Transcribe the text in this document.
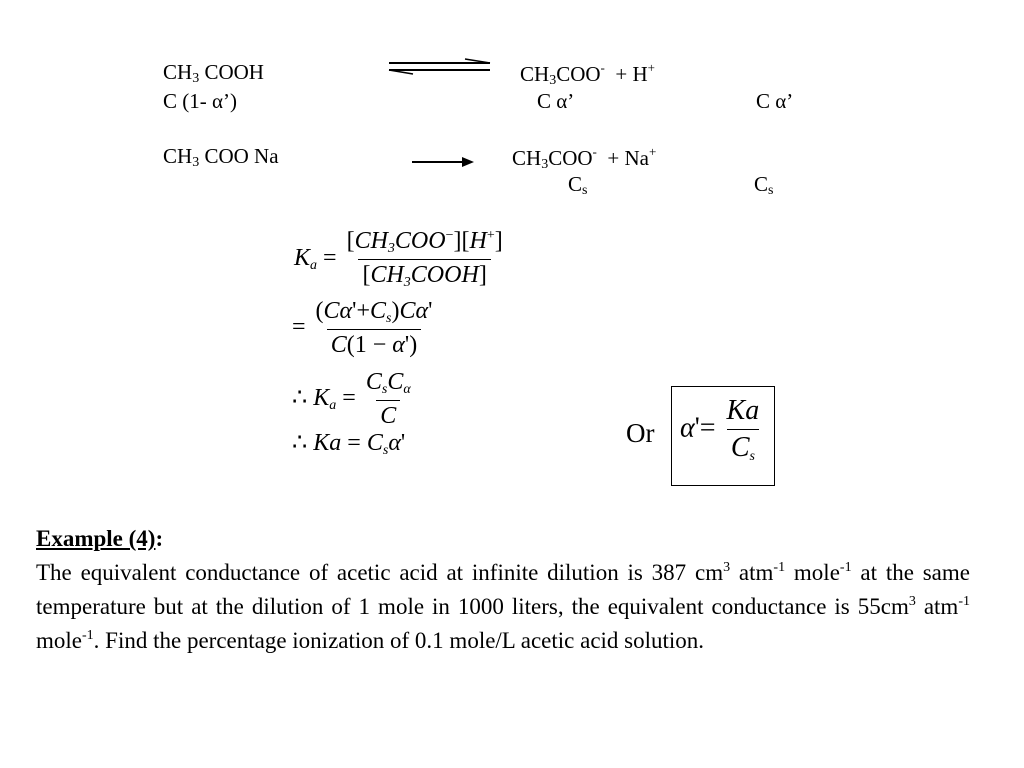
$CH_3$ COOH	$CH_3COO^- + H^+$
C (1- α’)	C α’	C α’
$CH_3$ COO Na	$CH_3COO^- + Na^+$
$C_s$	$C_s$
$K_a = \frac{[CH_3COO^-][H^+]}{[CH_3COOH]}$
= $\frac{(C\alpha'+C_s)C\alpha'}{C(1 - \alpha')}$
∴ $K_a = \frac{C_sC_\alpha}{C}$
∴ $Ka = C_s\alpha'$	Or $\alpha'= \frac{Ka}{C_s}$
Example (4):
The equivalent conductance of acetic acid at infinite dilution is 387 $cm^3$ atm$^{-1}$ mole$^{-1}$ at the same temperature but at the dilution of 1 mole in 1000 liters, the equivalent conductance is $55cm^3$ atm$^{-1}$ mole$^{-1}$. Find the percentage ionization of 0.1 mole/L acetic acid solution.
